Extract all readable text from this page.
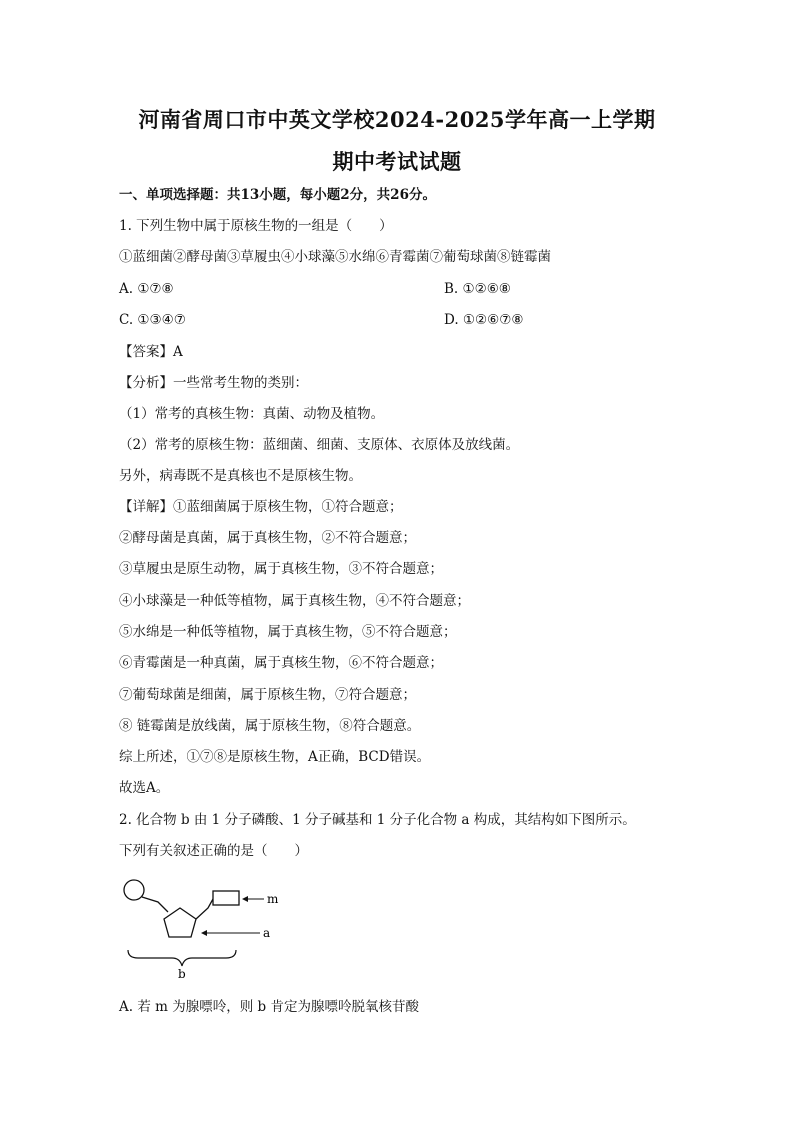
河南省周口市中英文学校2024-2025学年高一上学期
期中考试试题
一、单项选择题：共13小题，每小题2分，共26分。
1. 下列生物中属于原核生物的一组是（　　）
①蓝细菌②酵母菌③草履虫④小球藻⑤水绵⑥青霉菌⑦葡萄球菌⑧链霉菌
A. ①⑦⑧	B. ①②⑥⑧
C. ①③④⑦	D. ①②⑥⑦⑧
【答案】A
【分析】一些常考生物的类别：
（1）常考的真核生物：真菌、动物及植物。
（2）常考的原核生物：蓝细菌、细菌、支原体、衣原体及放线菌。
另外，病毒既不是真核也不是原核生物。
【详解】①蓝细菌属于原核生物，①符合题意；
②酵母菌是真菌，属于真核生物，②不符合题意；
③草履虫是原生动物，属于真核生物，③不符合题意；
④小球藻是一种低等植物，属于真核生物，④不符合题意；
⑤水绵是一种低等植物，属于真核生物，⑤不符合题意；
⑥青霉菌是一种真菌，属于真核生物，⑥不符合题意；
⑦葡萄球菌是细菌，属于原核生物，⑦符合题意；
⑧ 链霉菌是放线菌，属于原核生物，⑧符合题意。
综上所述，①⑦⑧是原核生物，A正确，BCD错误。
故选A。
2. 化合物 b 由 1 分子磷酸、1 分子碱基和 1 分子化合物 a 构成，其结构如下图所示。
下列有关叙述正确的是（　　）
m
a
b
A. 若 m 为腺嘌呤，则 b 肯定为腺嘌呤脱氧核苷酸
